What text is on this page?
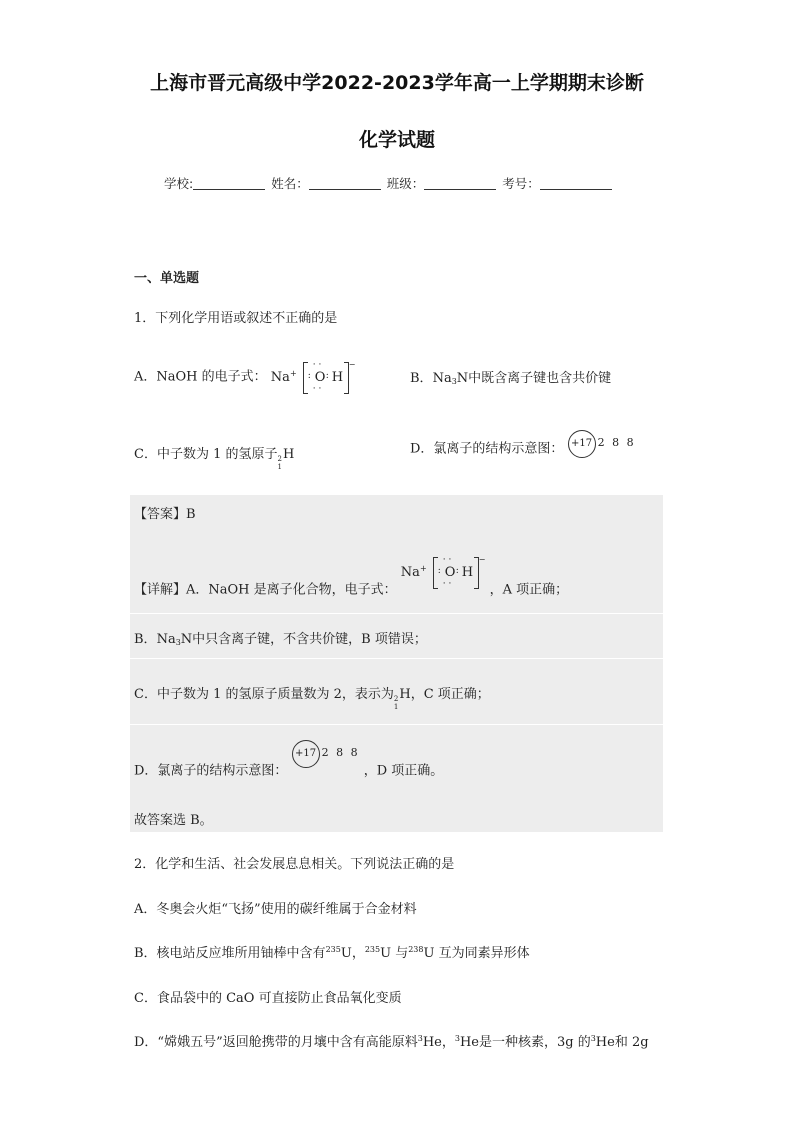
上海市晋元高级中学2022-2023学年高一上学期期末诊断
化学试题
学校:	姓名：	班级：	考号：
一、单选题
1．下列化学用语或叙述不正确的是
A．NaOH 的电子式： Na+
· ·
: O : H
· ·
−
B．$Na_3N$中既含离子键也含共价键
C．中子数为 1 的氢原子 2
1
H	D．氯离子的结构示意图： +17 2 8 8
【答案】B
【详解】A．NaOH 是离子化合物，电子式： Na+
· ·
: O : H
· ·
− ，A 项正确；
B．$Na_3N$中只含离子键，不含共价键，B 项错误；
C．中子数为 1 的氢原子质量数为 2，表示为 2
1
H，C 项正确；
D．氯离子的结构示意图： +17 2 8 8 ，D 项正确。
故答案选 B。
2．化学和生活、社会发展息息相关。下列说法正确的是
A．冬奥会火炬“飞扬”使用的碳纤维属于合金材料
B．核电站反应堆所用铀棒中含有$^{235}$U，$^{235}$U 与$^{238}$U 互为同素异形体
C．食品袋中的 CaO 可直接防止食品氧化变质
D．“嫦娥五号”返回舱携带的月壤中含有高能原料$^3$He，$^3$He是一种核素，3g 的$^3$He和 2g
